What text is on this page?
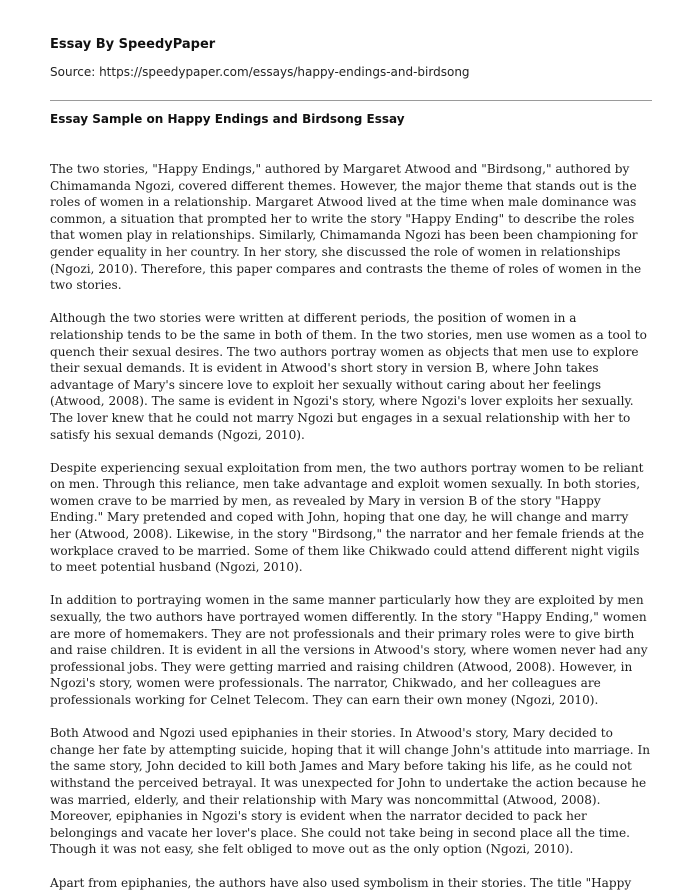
Essay By SpeedyPaper
Source: https://speedypaper.com/essays/happy-endings-and-birdsong
Essay Sample on Happy Endings and Birdsong Essay

The two stories, "Happy Endings," authored by Margaret Atwood and "Birdsong," authored by Chimamanda Ngozi, covered different themes. However, the major theme that stands out is the roles of women in a relationship. Margaret Atwood lived at the time when male dominance was common, a situation that prompted her to write the story "Happy Ending" to describe the roles that women play in relationships. Similarly, Chimamanda Ngozi has been been championing for gender equality in her country. In her story, she discussed the role of women in relationships (Ngozi, 2010). Therefore, this paper compares and contrasts the theme of roles of women in the two stories.

Although the two stories were written at different periods, the position of women in a relationship tends to be the same in both of them. In the two stories, men use women as a tool to quench their sexual desires. The two authors portray women as objects that men use to explore their sexual demands. It is evident in Atwood's short story in version B, where John takes advantage of Mary's sincere love to exploit her sexually without caring about her feelings (Atwood, 2008). The same is evident in Ngozi's story, where Ngozi's lover exploits her sexually. The lover knew that he could not marry Ngozi but engages in a sexual relationship with her to satisfy his sexual demands (Ngozi, 2010).

Despite experiencing sexual exploitation from men, the two authors portray women to be reliant on men. Through this reliance, men take advantage and exploit women sexually. In both stories, women crave to be married by men, as revealed by Mary in version B of the story "Happy Ending." Mary pretended and coped with John, hoping that one day, he will change and marry her (Atwood, 2008). Likewise, in the story "Birdsong," the narrator and her female friends at the workplace craved to be married. Some of them like Chikwado could attend different night vigils to meet potential husband (Ngozi, 2010).

In addition to portraying women in the same manner particularly how they are exploited by men sexually, the two authors have portrayed women differently. In the story "Happy Ending," women are more of homemakers. They are not professionals and their primary roles were to give birth and raise children. It is evident in all the versions in Atwood's story, where women never had any professional jobs. They were getting married and raising children (Atwood, 2008). However, in Ngozi's story, women were professionals. The narrator, Chikwado, and her colleagues are professionals working for Celnet Telecom. They can earn their own money (Ngozi, 2010).

Both Atwood and Ngozi used epiphanies in their stories. In Atwood's story, Mary decided to change her fate by attempting suicide, hoping that it will change John's attitude into marriage. In the same story, John decided to kill both James and Mary before taking his life, as he could not withstand the perceived betrayal. It was unexpected for John to undertake the action because he was married, elderly, and their relationship with Mary was noncommittal (Atwood, 2008). Moreover, epiphanies in Ngozi's story is evident when the narrator decided to pack her belongings and vacate her lover's place. She could not take being in second place all the time. Though it was not easy, she felt obliged to move out as the only option (Ngozi, 2010).

Apart from epiphanies, the authors have also used symbolism in their stories. The title "Happy
